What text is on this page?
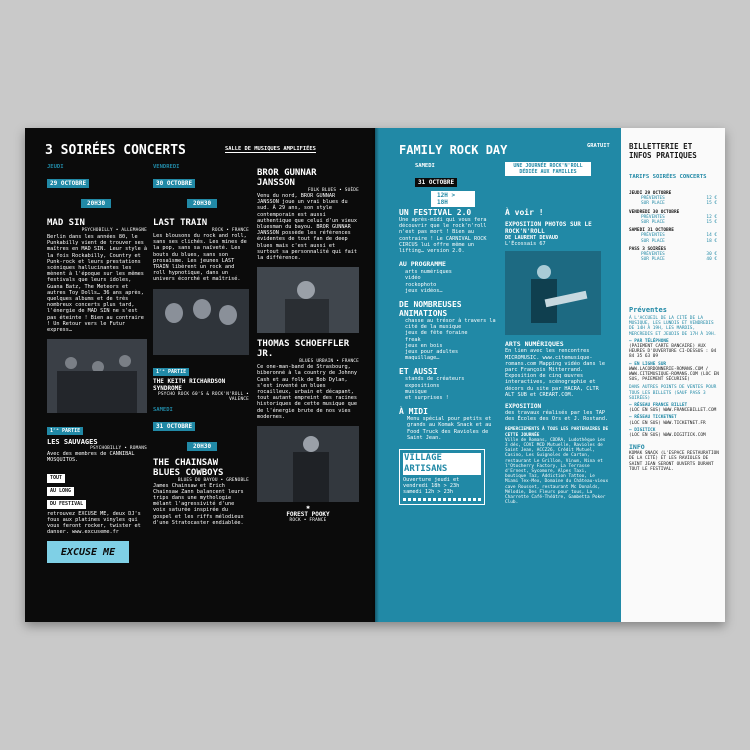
3 SOIRÉES CONCERTS	SALLE DE MUSIQUES AMPLIFIÉES
JEUDI
29 OCTOBRE
20H30
MAD SIN
PSYCHOBILLY • ALLEMAGNE
Berlin dans les années 80, le Punkabilly vient de trouver ses maîtres en MAD SIN. Leur style à la fois Rockabilly, Country et Punk-rock et leurs prestations scéniques hallucinantes les mènent à l'époque sur les mêmes festivals que leurs idoles, Guana Batz, The Meteors et autres Toy Dolls… 36 ans après, quelques albums et de très nombreux concerts plus tard, l'énergie de MAD SIN ne s'est pas éteinte ! Bien au contraire ! Un Retour vers le Futur express…
1ʳᵉ PARTIE
LES SAUVAGES
PSYCHOBILLY • ROMANS
Avec des membres de CANNIBAL MOSQUITOS.
TOUT
AU LONG
DU FESTIVAL
retrouvez EXCUSE ME, deux DJ's fous aux platines vinyles qui vous feront rocker, twister et danser. www.excuseme.fr
EXCUSE ME
VENDREDI
30 OCTOBRE
20H30
LAST TRAIN
ROCK • FRANCE
Les blousons du rock and roll, sans ses clichés. Les mines de la pop, sans sa naïveté. Les bouts du blues, sans son prosaïsme. Les jeunes LAST TRAIN libèrent un rock and roll hypnotique, dans un univers écorché et maîtrisé.
1ʳᵉ PARTIE
THE KEITH RICHARDSON SYNDROME
PSYCHO ROCK 60'S & ROCK'N'ROLL • VALENCE
SAMEDI
31 OCTOBRE
20H30
THE CHAINSAW BLUES COWBOYS
BLUES DU BAYOU • GRENOBLE
James Chainsaw et Erich Chainsaw Zann balancent leurs trips dans une mythologie mélant l'agressivité d'une voix saturée inspirée du gospel et les riffs mélodieux d'une Stratocaster endiablée.
BROR GUNNAR JANSSON
FOLK BLUES • SUÈDE
Venu du nord, BROR GUNNAR JANSSON joue un vrai blues du sud. À 29 ans, son style contemporain est aussi authentique que celui d'un vieux bluesman du bayou. BROR GUNNAR JANSSON possède les références évidentes de tout fan de deep blues mais c'est aussi et surtout sa personnalité qui fait la différence.
THOMAS SCHOEFFLER JR.
BLUES URBAIN • FRANCE
Ce one-man-band de Strasbourg, biberonné à la country de Johnny Cash et au folk de Bob Dylan, s'est inventé un blues rocailleux, urbain et décapant, tout autant empreint des racines historiques de cette musique que de l'énergie brute de nos vies modernes.
✱
FOREST POOKY
ROCK • FRANCE
FAMILY ROCK DAY	GRATUIT
SAMEDI
31 OCTOBRE
12H > 18H
UNE JOURNÉE ROCK'N'ROLL DÉDIÉE AUX FAMILLES
UN FESTIVAL 2.0
Une après-midi qui vous fera découvrir que le rock'n'roll n'est pas mort ! Bien au contraire ! Le CARNIVAL ROCK CIRCUS lui offre même un lifting… version 2.0.
AU PROGRAMME
arts numériques
vidéo
rockophoto
jeux vidéos…
DE NOMBREUSES ANIMATIONS
chasse au trésor à travers la cité de la musique
jeux de fête foraine
freak
jeux en bois
jeux pour adultes
maquillage…
ET AUSSI
stands de créateurs
expositions
musique
et surprises !
À MIDI
Menu spécial pour petits et grands au Komak Snack et au Food Truck des Ravioles de Saint Jean.
VILLAGE
ARTISANS
Ouverture jeudi et vendredi 18h > 23h samedi 12h > 23h
À voir !
EXPOSITION PHOTOS SUR LE ROCK'N'ROLL
DE LAURENT DEVAUD
L'Écossais 67
ARTS NUMÉRIQUES
En lien avec les rencontres MICROMUSIC. www.citemusique-romans.com Mapping vidéo dans le parc François Mitterrand. Exposition de cinq œuvres interactives, scénographie et décors du site par HACRA, CLTR ALT SUB et CREART.COM.
EXPOSITION
des travaux réalisés par les TAP des Écoles des Ors et J. Rostand.
REMERCIEMENTS À TOUS LES PARTENAIRES DE CETTE JOURNÉE
Ville de Romans, CDDRA, Ludothèque Les 3 dés, COVI MCD Mutuelle, Ravioles de Saint Jean, ACCZ26, Crédit Mutuel, Casino, Les Guignoles de Carton, restaurant Le Grillon, Vinum, Nina et l'Otocherry Factory, La Terrasse d'Ernest, Sycomore, Alpes Taxi, boutique Taz, Addiction Tattoo, Le Miami Tex-Mex, Domaine du Château-vieux cave Rousset, restaurant Mc Donalds, Mélodie, Des Fleurs pour tous, La Charrette Café-Théâtre, Gambetta Poker Club.
BILLETTERIE ET INFOS PRATIQUES
TARIFS SOIRÉES CONCERTS
JEUDI 29 OCTOBRE
PRÉVENTES	12 €
SUR PLACE	15 €
VENDREDI 30 OCTOBRE
PRÉVENTES	12 €
SUR PLACE	15 €
SAMEDI 31 OCTOBRE
PRÉVENTES	14 €
SUR PLACE	18 €
PASS 3 SOIRÉES
PRÉVENTES	30 €
SUR PLACE	40 €
Préventes
À L'ACCUEIL DE LA CITÉ DE LA MUSIQUE, LES LUNDIS ET VENDREDIS DE 14H À 19H, LES MARDIS, MERCREDIS ET JEUDIS DE 17H À 19H.
— PAR TÉLÉPHONE
(PAIEMENT CARTE BANCAIRE) AUX HEURES D'OUVERTURE CI-DESSUS : 04 84 35 63 09
— EN LIGNE SUR
WWW.LACORDONNERIE-ROMANS.COM / WWW.CITEMUSIQUE-ROMANS.COM (LOC EN SUS, PAIEMENT SÉCURISÉ)
DANS AUTRES POINTS DE VENTES POUR TOUS LES BILLETS (SAUF PASS 3 SOIRÉES)
— RÉSEAU FRANCE BILLET
(LOC EN SUS) WWW.FRANCEBILLET.COM
— RÉSEAU TICKETNET
(LOC EN SUS) WWW.TICKETNET.FR
— DIGITICK
(LOC EN SUS) WWW.DIGITICK.COM
INFO
KOMAK SNACK (L'ESPACE RESTAURATION DE LA CITÉ) ET LES RAVIOLES DE SAINT JEAN SERONT OUVERTS DURANT TOUT LE FESTIVAL.
